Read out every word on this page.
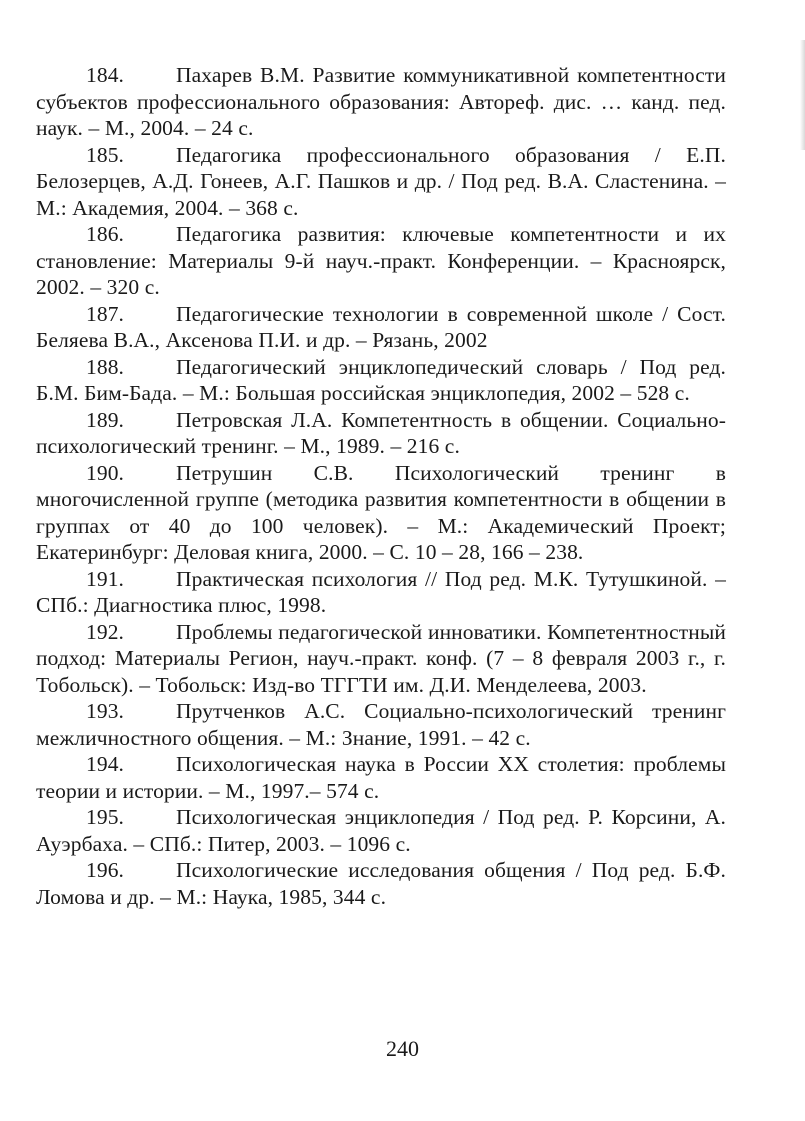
184. Пахарев В.М. Развитие коммуникативной компетентности субъектов профессионального образования: Автореф. дис. … канд. пед. наук. – М., 2004. – 24 с.

185. Педагогика профессионального образования / Е.П. Белозерцев, А.Д. Гонеев, А.Г. Пашков и др. / Под ред. В.А. Сластенина. – М.: Академия, 2004. – 368 с.

186. Педагогика развития: ключевые компетентности и их становление: Материалы 9-й науч.-практ. Конференции. – Красноярск, 2002. – 320 с.

187. Педагогические технологии в современной школе / Сост. Беляева В.А., Аксенова П.И. и др. – Рязань, 2002

188. Педагогический энциклопедический словарь / Под ред. Б.М. Бим-Бада. – М.: Большая российская энциклопедия, 2002 – 528 с.

189. Петровская Л.А. Компетентность в общении. Социально-психологический тренинг. – М., 1989. – 216 с.

190. Петрушин С.В. Психологический тренинг в многочисленной группе (методика развития компетентности в общении в группах от 40 до 100 человек). – М.: Академический Проект; Екатеринбург: Деловая книга, 2000. – С. 10 – 28, 166 – 238.

191. Практическая психология // Под ред. М.К. Тутушкиной. – СПб.: Диагностика плюс, 1998.

192. Проблемы педагогической инноватики. Компетентностный подход: Материалы Регион, науч.-практ. конф. (7 – 8 февраля 2003 г., г. Тобольск). – Тобольск: Изд-во ТГГТИ им. Д.И. Менделеева, 2003.

193. Прутченков А.С. Социально-психологический тренинг межличностного общения. – М.: Знание, 1991. – 42 с.

194. Психологическая наука в России XX столетия: проблемы теории и истории. – М., 1997.– 574 с.

195. Психологическая энциклопедия / Под ред. Р. Корсини, А. Ауэрбаха. – СПб.: Питер, 2003. – 1096 с.

196. Психологические исследования общения / Под ред. Б.Ф. Ломова и др. – М.: Наука, 1985, 344 с.

240
